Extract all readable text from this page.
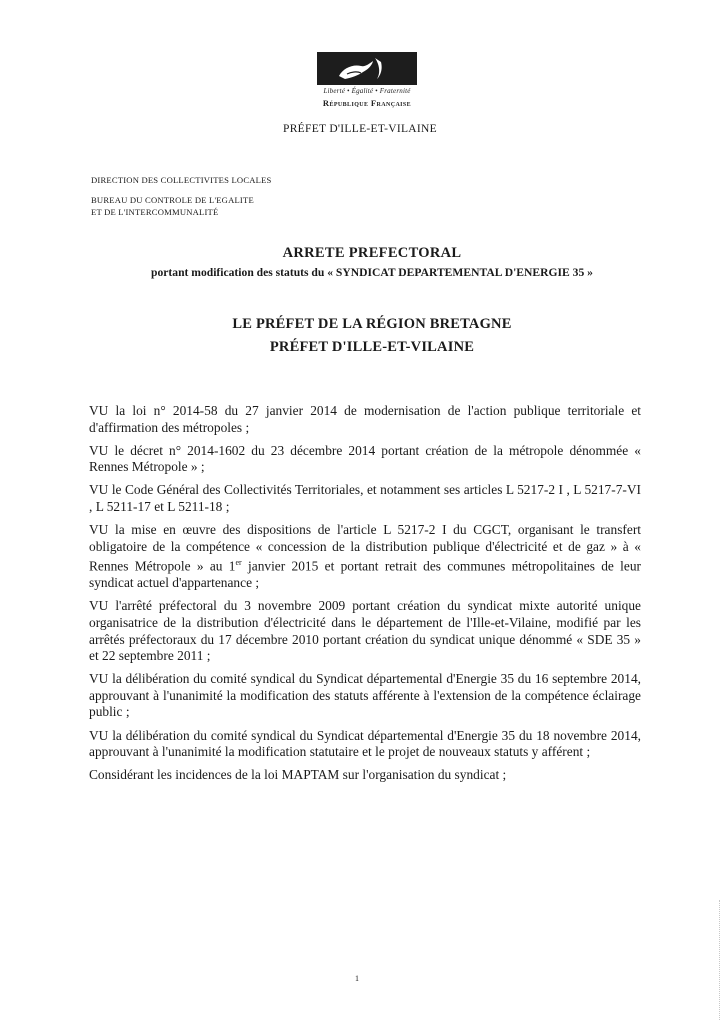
Liberté • Égalité • Fraternité
République Française
PRÉFET D'ILLE-ET-VILAINE
DIRECTION DES COLLECTIVITES LOCALES
BUREAU DU CONTROLE DE L'EGALITE
ET DE L'INTERCOMMUNALITÉ
ARRETE PREFECTORAL
portant modification des statuts du « SYNDICAT DEPARTEMENTAL D'ENERGIE 35 »
LE PRÉFET DE LA RÉGION BRETAGNE
PRÉFET D'ILLE-ET-VILAINE

VU la loi n° 2014-58 du 27 janvier 2014 de modernisation de l'action publique territoriale et d'affirmation des métropoles ;

VU le décret n° 2014-1602 du 23 décembre 2014 portant création de la métropole dénommée « Rennes Métropole » ;

VU le Code Général des Collectivités Territoriales, et notamment ses articles L 5217-2 I , L 5217-7-VI , L 5211-17 et L 5211-18 ;

VU la mise en œuvre des dispositions de l'article L 5217-2 I du CGCT, organisant le transfert obligatoire de la compétence « concession de la distribution publique d'électricité et de gaz » à « Rennes Métropole » au 1er janvier 2015 et portant retrait des communes métropolitaines de leur syndicat actuel d'appartenance ;

VU l'arrêté préfectoral du 3 novembre 2009 portant création du syndicat mixte autorité unique organisatrice de la distribution d'électricité dans le département de l'Ille-et-Vilaine, modifié par les arrêtés préfectoraux du 17 décembre 2010 portant création du syndicat unique dénommé « SDE 35 » et 22 septembre 2011 ;

VU la délibération du comité syndical du Syndicat départemental d'Energie 35 du 16 septembre 2014, approuvant à l'unanimité la modification des statuts afférente à l'extension de la compétence éclairage public ;

VU la délibération du comité syndical du Syndicat départemental d'Energie 35 du 18 novembre 2014, approuvant à l'unanimité la modification statutaire et le projet de nouveaux statuts y afférent ;

Considérant les incidences de la loi MAPTAM sur l'organisation du syndicat ;

1
